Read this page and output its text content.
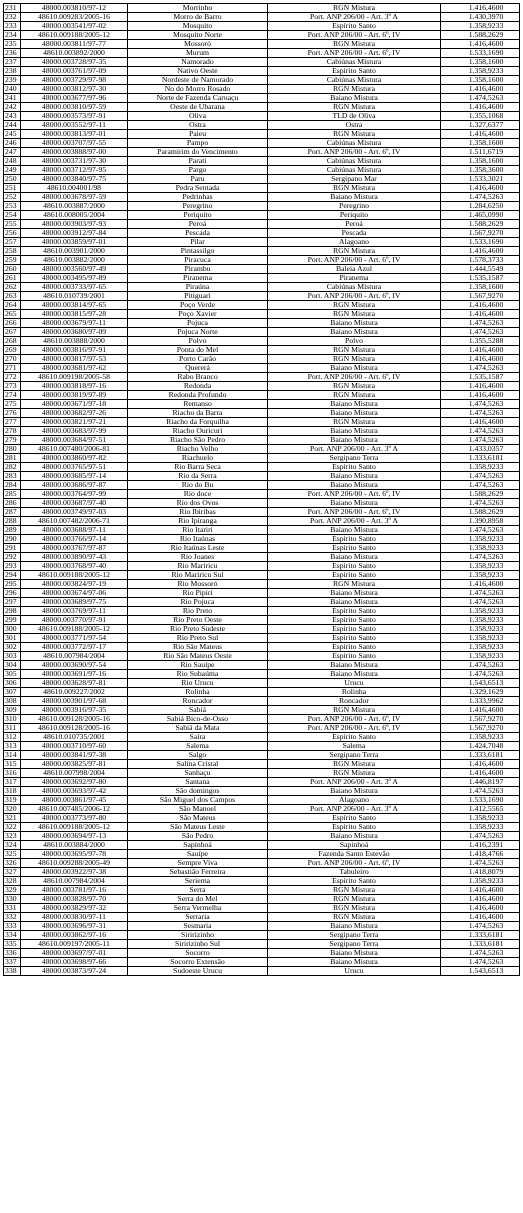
231	48000.003810/97-12	Morrinho	RGN Mistura	1.416,4600
232	48610.009283/2005-16	Morro de Barro	Port. ANP 206/00 - Art. 3º A	1.430,3970
233	48000.003541/97-02	Mosquito	Espírito Santo	1.358,9233
234	48610.009188/2005-12	Mosquito Norte	Port. ANP 206/00 - Art. 6º, IV	1.588,2629
235	48000.003811/97-77	Mossoró	RGN Mistura	1.416,4600
236	48610.003892/2000	Murum	Port. ANP 206/00 - Art. 6º, IV	1.533,1690
237	48000.003728/97-35	Namorado	Cabiúnas Mistura	1.358,1600
238	48000.003761/97-09	Nativo Oeste	Espírito Santo	1.358,9233
239	48000.003729/97-98	Nordeste de Namorado	Cabiúnas Mistura	1.358,1600
240	48000.003812/97-30	No do Morro Rosado	RGN Mistura	1.416,4600
241	48000.003677/97-96	Norte de Fazenda Caruaçu	Baiano Mistura	1.474,5263
242	48000.003810/97-59	Oeste de Ubarana	RGN Mistura	1.416,4600
243	48000.003573/97-91	Oliva	TLD de Oliva	1.355,1068
244	48000.003552/97-11	Ostra	Ostra	1.327,6377
245	48000.003813/97-01	Paieu	RGN Mistura	1.416,4600
246	48000.003707/97-55	Pampo	Cabiúnas Mistura	1.358,1600
247	48000.003888/97-00	Paramirim do Vencimento	Port. ANP 206/00 - Art. 6º, IV	1.511,6719
248	48000.003731/97-30	Parati	Cabiúnas Mistura	1.358,1600
249	48000.003712/97-95	Pargo	Cabiúnas Mistura	1.358,3600
250	48000.003840/97-75	Paru	Sergipano Mar	1.533,3021
251	48610.004001/98	Pedra Sentada	RGN Mistura	1.416,4600
252	48000.003678/97-59	Pedrinhas	Baiano Mistura	1.474,5263
253	48610.003887/2000	Peregrino	Peregrino	1.284,6250
254	48610.008005/2004	Periquito	Periquito	1.465,0990
255	48000.003903/97-93	Peroá	Peroá	1.588,2629
256	48000.003912/97-84	Pescada	Pescada	1.567,9270
257	48000.003859/97-01	Pilar	Alagoano	1.533,1690
258	48610.003901/2000	Pintassilgo	RGN Mistura	1.416,4600
259	48610.003882/2000	Piracuca	Port. ANP 206/00 - Art. 6º, IV	1.578,3733
260	48000.003560/97-49	Pirambu	Baleia Azul	1.444,5549
261	48000.003495/97-89	Piranema	Piranema	1.535,1587
262	48000.003733/97-65	Piraúna	Cabiúnas Mistura	1.358,1600
263	48610.010739/2001	Pitiguari	Port. ANP 206/00 - Art. 6º, IV	1.567,9270
264	48000.003814/97-65	Poço Verde	RGN Mistura	1.416,4600
265	48000.003815/97-28	Poço Xavier	RGN Mistura	1.416,4600
266	48000.003679/97-11	Pojuca	Baiano Mistura	1.474,5263
267	48000.003680/97-09	Pojuca Norte	Baiano Mistura	1.474,5263
268	48610.003888/2000	Polvo	Polvo	1.355,5288
269	48000.003816/97-91	Ponta do Mel	RGN Mistura	1.416,4600
270	48000.003817/97-53	Porto Carão	RGN Mistura	1.416,4600
271	48000.003681/97-62	Quererá	Baiano Mistura	1.474,5263
272	48610.009198/2005-58	Rabo Branco	Port. ANP 206/00 - Art. 6º, IV	1.535,1587
273	48000.003818/97-16	Redonda	RGN Mistura	1.416,4600
274	48000.003819/97-89	Redonda Profundo	RGN Mistura	1.416,4600
275	48000.003671/97-18	Remanso	Baiano Mistura	1.474,5263
276	48000.003682/97-26	Riacho da Barra	Baiano Mistura	1.474,5263
277	48000.003821/97-21	Riacho da Forquilha	RGN Mistura	1.416,4600
278	48000.003683/97-99	Riacho Ouricuri	Baiano Mistura	1.474,5263
279	48000.003684/97-51	Riacho São Pedro	Baiano Mistura	1.474,5263
280	48610.007480/2006-81	Riacho Velho	Port. ANP 206/00 - Art. 3º A	1.433,0357
281	48000.003860/97-82	Riachuelo	Sergipano Terra	1.333,6181
282	48000.003765/97-51	Rio Barra Seca	Espírito Santo	1.358,9233
283	48000.003685/97-14	Rio da Serra	Baiano Mistura	1.474,5263
284	48000.003686/97-87	Rio do Bu	Baiano Mistura	1.474,5263
285	48000.003764/97-99	Rio doce	Port. ANP 206/00 - Art. 6º, IV	1.588,2629
286	48000.003687/97-40	Rio dos Ovos	Baiano Mistura	1.474,5263
287	48000.003749/97-03	Rio Ibiribas	Port. ANP 206/00 - Art. 6º, IV	1.588,2629
288	48610.007482/2006-71	Rio Ipiranga	Port. ANP 206/00 - Art. 3º A	1.390,8958
289	48000.003688/97-11	Rio Itariri	Baiano Mistura	1.474,5263
290	48000.003766/97-14	Rio Itaúnas	Espírito Santo	1.358,9233
291	48000.003767/97-87	Rio Itaúnas Leste	Espírito Santo	1.358,9233
292	48000.003890/97-43	Rio Joanes	Baiano Mistura	1.474,5263
293	48000.003768/97-40	Rio Mariricu	Espírito Santo	1.358,9233
294	48610.009188/2005-12	Rio Mariricu Sul	Espírito Santo	1.358,9233
295	48000.003824/97-19	Rio Mossoró	RGN Mistura	1.416,4600
296	48000.003674/97-06	Rio Pipiri	Baiano Mistura	1.474,5263
297	48000.003689/97-75	Rio Pojuca	Baiano Mistura	1.474,5263
298	48000.003769/97-11	Rio Preto	Espírito Santo	1.358,9233
299	48000.003770/97-91	Rio Preto Oeste	Espírito Santo	1.358,9233
300	48610.009188/2005-12	Rio Preto Sudeste	Espírito Santo	1.358,9233
301	48000.003771/97-54	Rio Preto Sul	Espírito Santo	1.358,9233
302	48000.003772/97-17	Rio São Mateus	Espírito Santo	1.358,9233
303	48610.007984/2004	Rio São Mateus Oeste	Espírito Santo	1.358,9233
304	48000.003690/97-54	Rio Sauípe	Baiano Mistura	1.474,5263
305	48000.003691/97-16	Rio Subaúma	Baiano Mistura	1.474,5263
306	48000.003628/97-81	Rio Urucu	Urucu	1.543,6513
307	48610.009227/2002	Rolinha	Rolinha	1.329,1629
308	48000.003901/97-68	Roncador	Roncador	1.333,9962
309	48000.003916/97-35	Sabiá	RGN Mistura	1.416,4600
310	48610.009128/2005-16	Sabiá Bico-de-Osso	Port. ANP 206/00 - Art. 6º, IV	1.567,9270
311	48610.009128/2005-16	Sabiá da Mata	Port. ANP 206/00 - Art. 6º, IV	1.567,9270
312	48610.010735/2001	Saíra	Espírito Santo	1.358,9233
313	48000.003710/97-60	Salema	Salema	1.424,7048
314	48000.003841/97-38	Salgo	Sergipano Terra	1.333,6181
315	48000.003825/97-81	Salina Cristal	RGN Mistura	1.416,4600
316	48610.007998/2004	Sanhaçu	RGN Mistura	1.416,4600
317	48000.003692/97-80	Santana	Port. ANP 206/00 - Art. 3º A	1.446,8197
318	48000.003693/97-42	São domingos	Baiano Mistura	1.474,5263
319	48000.003861/97-45	São Miguel dos Campos	Alagoano	1.533,1690
320	48610.007485/2006-12	São Manoel	Port. ANP 206/00 - Art. 3º A	1.412,5565
321	48000.003773/97-80	São Mateus	Espírito Santo	1.358,9233
322	48610.009188/2005-12	São Mateus Leste	Espírito Santo	1.358,9233
323	48000.003694/97-13	São Pedro	Baiano Mistura	1.474,5263
324	48610.003884/2000	Sapinhoá	Sapinhoá	1.416,2391
325	48000.003695/97-78	Sauípe	Fazenda Santo Estevão	1.418,4766
326	48610.009288/2005-49	Sempre Viva	Port. ANP 206/00 - Art. 6º, IV	1.474,5263
327	48000.003922/97-38	Sebastião Ferreira	Tabuleiro	1.418,8079
328	48610.007984/2004	Seriema	Espírito Santo	1.358,9233
329	48000.003781/97-16	Serra	RGN Mistura	1.416,4600
330	48000.003828/97-70	Serra do Mel	RGN Mistura	1.416,4600
331	48000.003829/97-32	Serra Vermelha	RGN Mistura	1.416,4600
332	48000.003830/97-11	Serraria	RGN Mistura	1.416,4600
333	48000.003696/97-31	Sesmaria	Baiano Mistura	1.474,5263
334	48000.003862/97-16	Siririzinho	Sergipano Terra	1.333,6181
335	48610.009197/2005-11	Siririzinho Sul	Sergipano Terra	1.333,6181
336	48000.003697/97-01	Socorro	Baiano Mistura	1.474,5263
337	48000.003698/97-66	Socorro Extensão	Baiano Mistura	1.474,5263
338	48000.003873/97-24	Sudoeste Urucu	Urucu	1.543,6513
